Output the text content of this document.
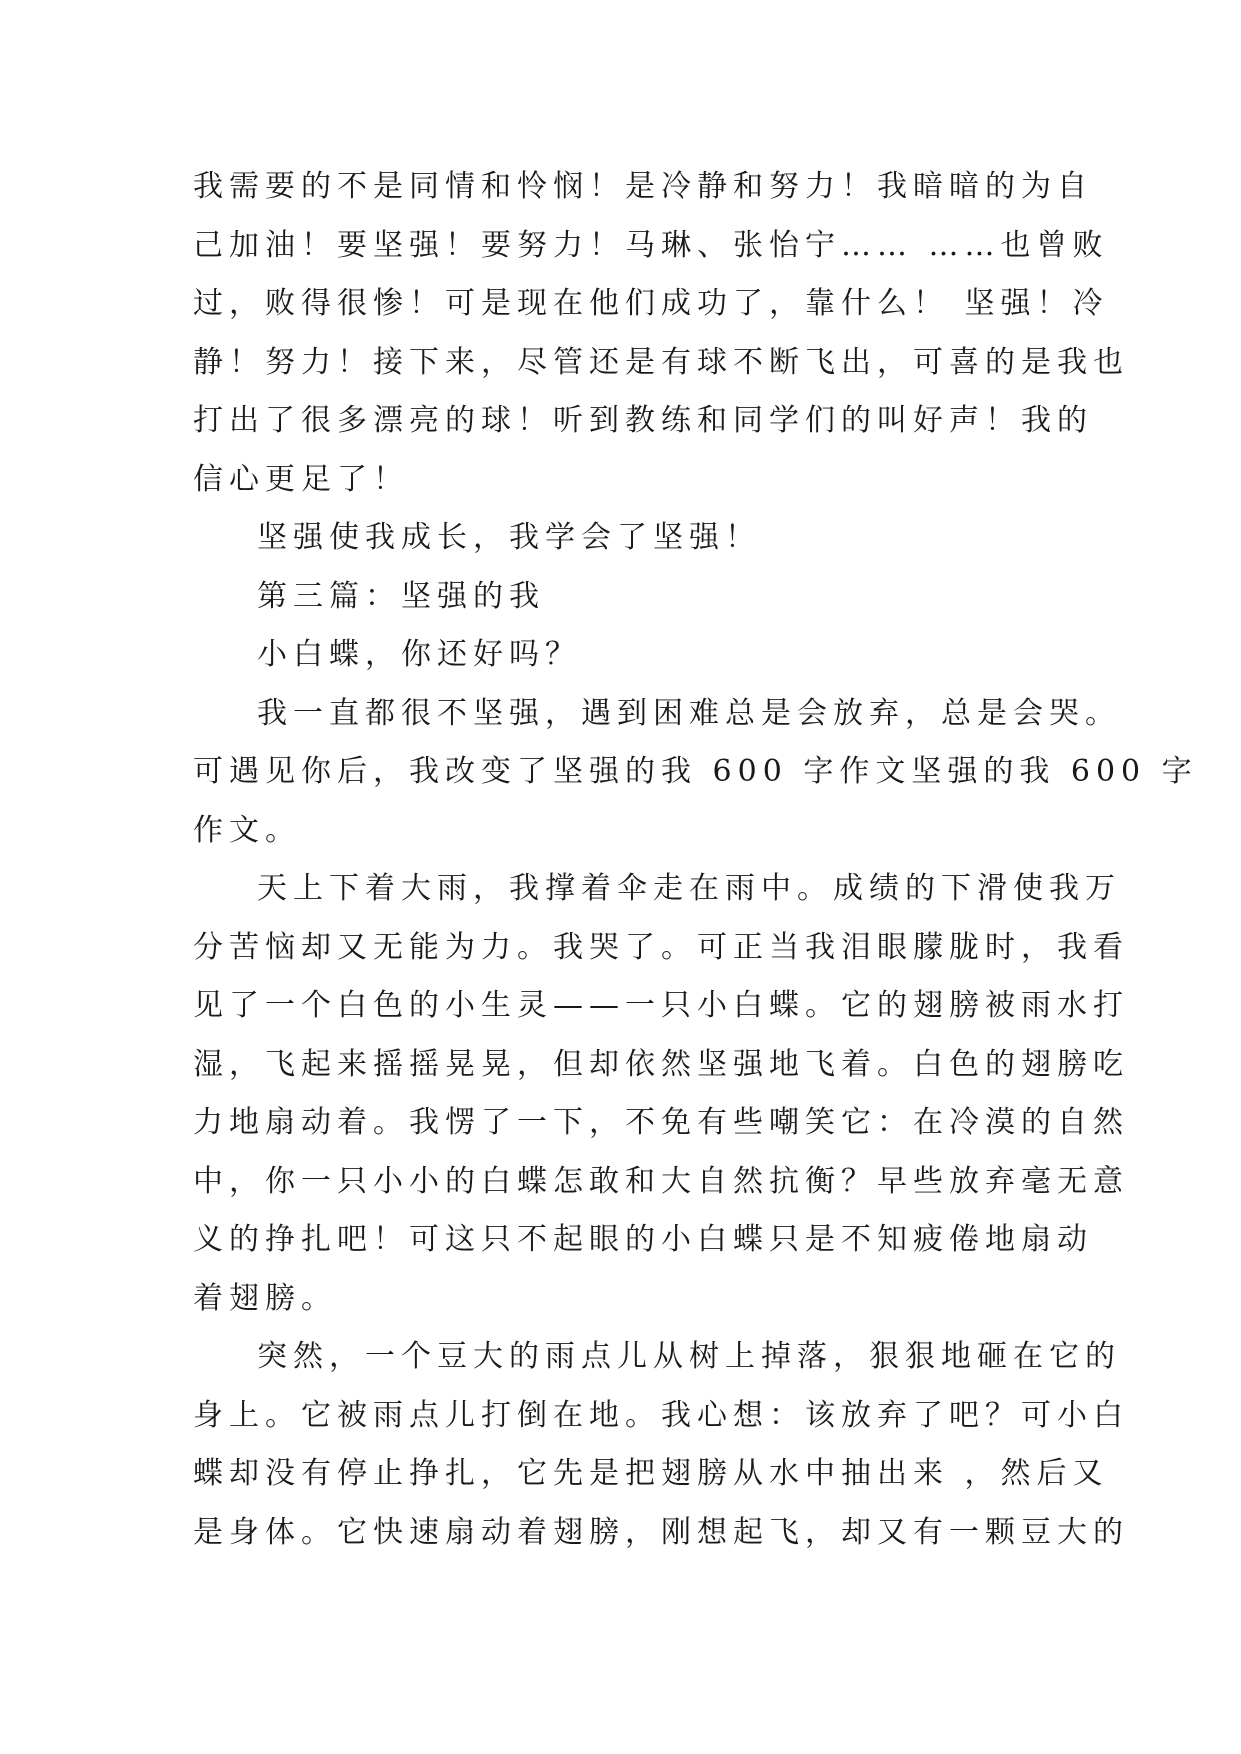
我需要的不是同情和怜悯！是冷静和努力！我暗暗的为自
己加油！要坚强！要努力！马琳、张怡宁…… ……也曾败
过，败得很惨！可是现在他们成功了，靠什么！ 坚强！冷
静！努力！接下来，尽管还是有球不断飞出，可喜的是我也
打出了很多漂亮的球！听到教练和同学们的叫好声！我的
信心更足了！
坚强使我成长，我学会了坚强！
第三篇：坚强的我
小白蝶，你还好吗？
我一直都很不坚强，遇到困难总是会放弃，总是会哭。
可遇见你后，我改变了坚强的我 600 字作文坚强的我 600 字
作文。
天上下着大雨，我撑着伞走在雨中。成绩的下滑使我万
分苦恼却又无能为力。我哭了。可正当我泪眼朦胧时，我看
见了一个白色的小生灵——一只小白蝶。它的翅膀被雨水打
湿，飞起来摇摇晃晃，但却依然坚强地飞着。白色的翅膀吃
力地扇动着。我愣了一下，不免有些嘲笑它：在冷漠的自然
中，你一只小小的白蝶怎敢和大自然抗衡？早些放弃毫无意
义的挣扎吧！可这只不起眼的小白蝶只是不知疲倦地扇动
着翅膀。
突然，一个豆大的雨点儿从树上掉落，狠狠地砸在它的
身上。它被雨点儿打倒在地。我心想：该放弃了吧？可小白
蝶却没有停止挣扎，它先是把翅膀从水中抽出来 ，然后又
是身体。它快速扇动着翅膀，刚想起飞，却又有一颗豆大的
